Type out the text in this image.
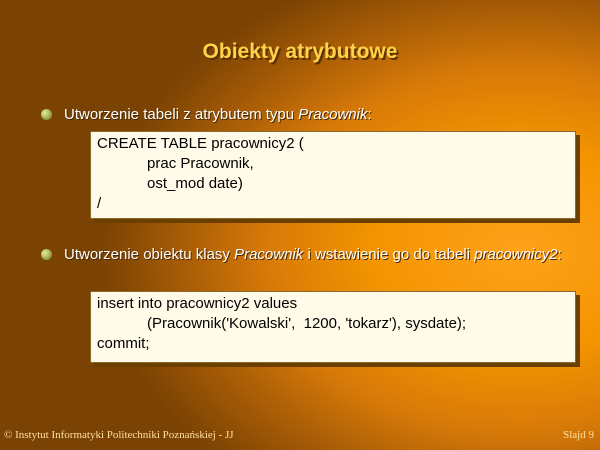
Obiekty atrybutowe
Utworzenie tabeli z atrybutem typu Pracownik:
CREATE TABLE pracownicy2 (
prac Pracownik,
ost_mod date)
/
Utworzenie obiektu klasy Pracownik i wstawienie go do tabeli pracownicy2:
insert into pracownicy2 values
(Pracownik('Kowalski',  1200, 'tokarz'), sysdate);
commit;
© Instytut Informatyki Politechniki Poznańskiej - JJ	Slajd 9
